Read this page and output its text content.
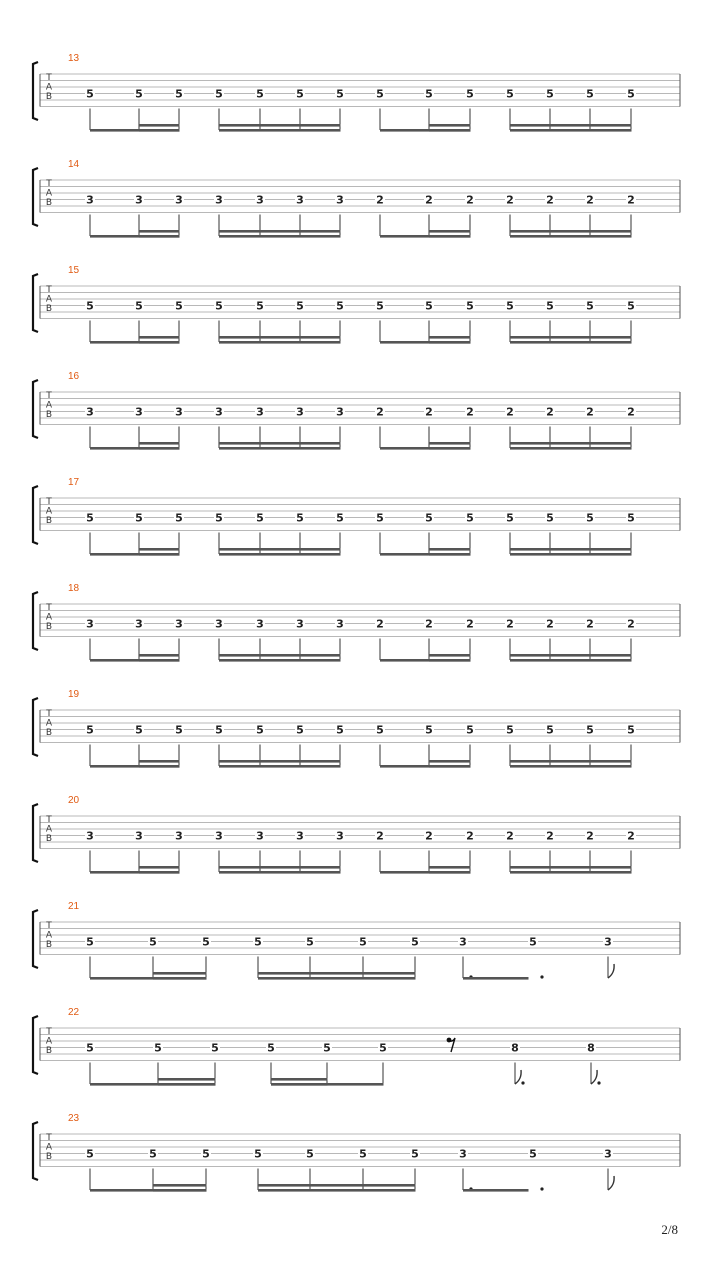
T
A
B
13
5	5	5	5	5	5	5	5	5	5	5	5	5	5
T
A
B
14
3	3	3	3	3	3	3	2	2	2	2	2	2	2
T
A
B
15
5	5	5	5	5	5	5	5	5	5	5	5	5	5
T
A
B
16
3	3	3	3	3	3	3	2	2	2	2	2	2	2
T
A
B
17
5	5	5	5	5	5	5	5	5	5	5	5	5	5
T
A
B
18
3	3	3	3	3	3	3	2	2	2	2	2	2	2
T
A
B
19
5	5	5	5	5	5	5	5	5	5	5	5	5	5
T
A
B
20
3	3	3	3	3	3	3	2	2	2	2	2	2	2
T
A
B
21
5	5	5	5	5	5	5	3	5	3
T
A
B
22
5	5	5	5	5	5	8	8
T
A
B
23
5	5	5	5	5	5	5	3	5	3
2/8
